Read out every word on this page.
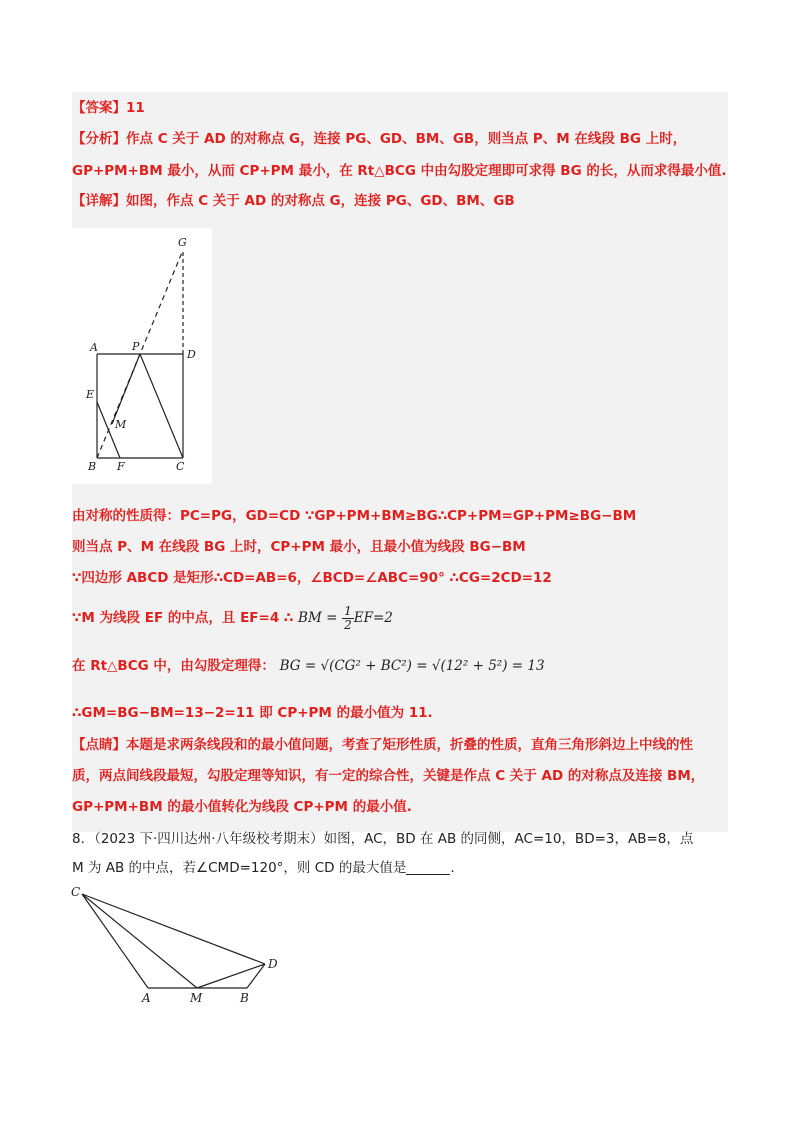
【答案】11
【分析】作点 C 关于 AD 的对称点 G，连接 PG、GD、BM、GB，则当点 P、M 在线段 BG 上时，
GP+PM+BM 最小，从而 CP+PM 最小，在 Rt△BCG 中由勾股定理即可求得 BG 的长，从而求得最小值.
【详解】如图，作点 C 关于 AD 的对称点 G，连接 PG、GD、BM、GB
G
A	P
D
E
M
B F	C
由对称的性质得：PC=PG，GD=CD ∵GP+PM+BM≥BG∴CP+PM=GP+PM≥BG−BM
则当点 P、M 在线段 BG 上时，CP+PM 最小，且最小值为线段 BG−BM
∵四边形 ABCD 是矩形∴CD=AB=6，∠BCD=∠ABC=90° ∴CG=2CD=12
∵M 为线段 EF 的中点，且 EF=4 ∴ BM = $\frac{1}{2} EF=2$
在 Rt△BCG 中，由勾股定理得： BG = √(CG² + BC²) = √(12² + 5²) = 13
∴GM=BG−BM=13−2=11 即 CP+PM 的最小值为 11.
【点睛】本题是求两条线段和的最小值问题，考查了矩形性质，折叠的性质，直角三角形斜边上中线的性
质，两点间线段最短，勾股定理等知识，有一定的综合性，关键是作点 C 关于 AD 的对称点及连接 BM，
GP+PM+BM 的最小值转化为线段 CP+PM 的最小值.
8．（2023 下·四川达州·八年级校考期末）如图，AC，BD 在 AB 的同侧，AC=10，BD=3，AB=8，点
M 为 AB 的中点，若∠CMD=120°，则 CD 的最大值是	.
C
D
A	M	B
